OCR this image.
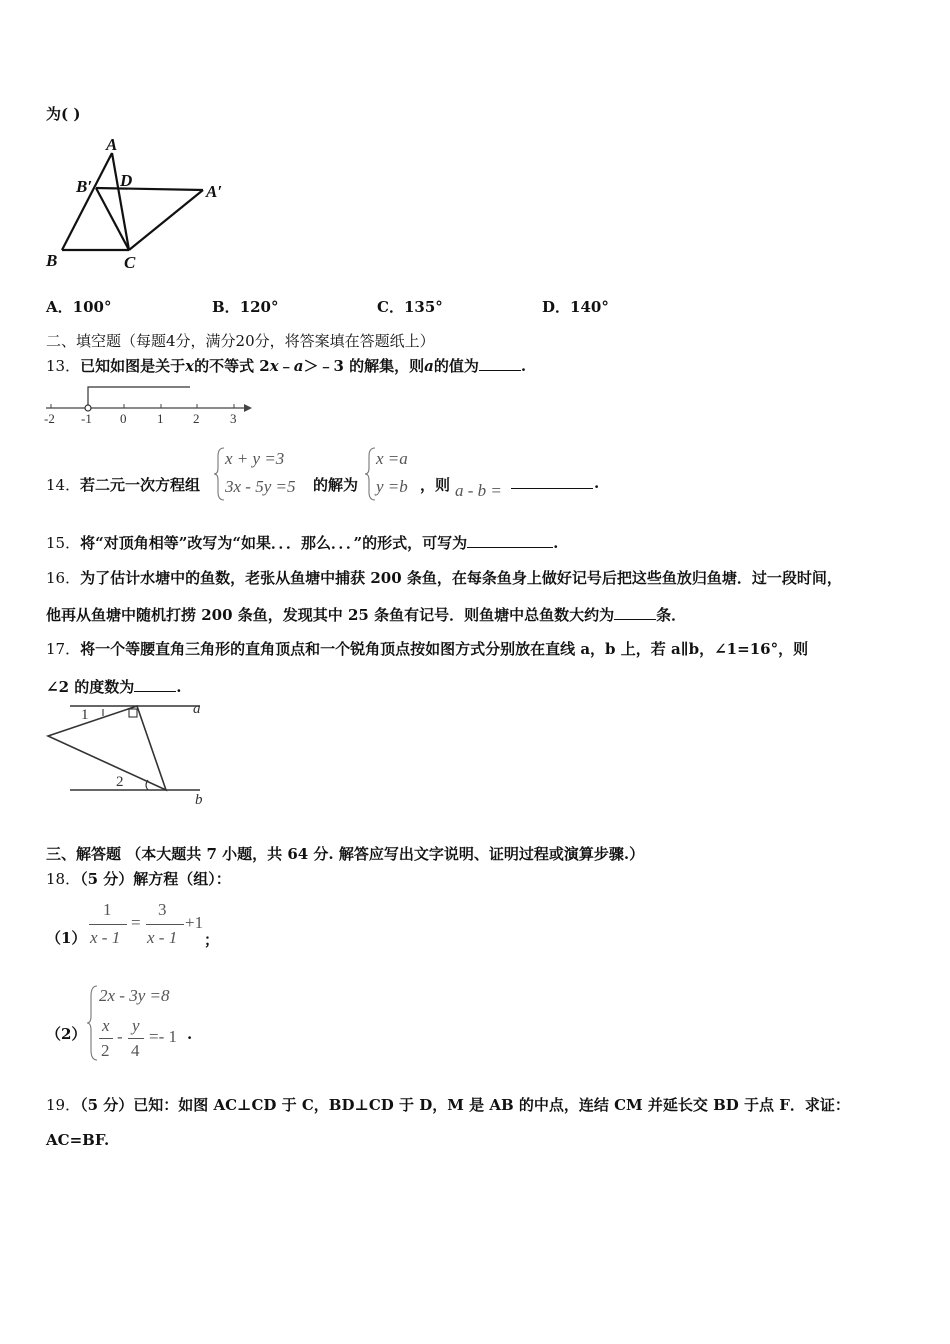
为( )
A
B′ D
A′
B	C
A．100°	B．120°	C．135°	D．140°
二、填空题（每题4分，满分20分，将答案填在答题纸上）
13．已知如图是关于x的不等式 2x﹣a＞﹣3 的解集，则a的值为	.
-2 -1 0 1 2 3
14． 若二元一次方程组
x + y =3
3x - 5y =5 的解为
x =a
y =b ，则 a - b =	.
15．将“对顶角相等”改写为“如果．．．那么．．．”的形式，可写为	.
16．为了估计水塘中的鱼数，老张从鱼塘中捕获 200 条鱼，在每条鱼身上做好记号后把这些鱼放归鱼塘．过一段时间，
他再从鱼塘中随机打捞 200 条鱼，发现其中 25 条鱼有记号．则鱼塘中总鱼数大约为	条．
17．将一个等腰直角三角形的直角顶点和一个锐角顶点按如图方式分别放在直线 a，b 上，若 a∥b，∠1=16°，则
∠2 的度数为	.
1
2
a
b
三、解答题 （本大题共 7 小题，共 64 分. 解答应写出文字说明、证明过程或演算步骤.）
18．（5 分）解方程（组）：
（1）
1
x - 1
=
3
x - 1
+1
；
（2）
2x - 3y =8
x
2
-
y
4
=- 1 .
19．（5 分）已知：如图 AC⊥CD 于 C，BD⊥CD 于 D，M 是 AB 的中点，连结 CM 并延长交 BD 于点 F．求证：
AC=BF.
